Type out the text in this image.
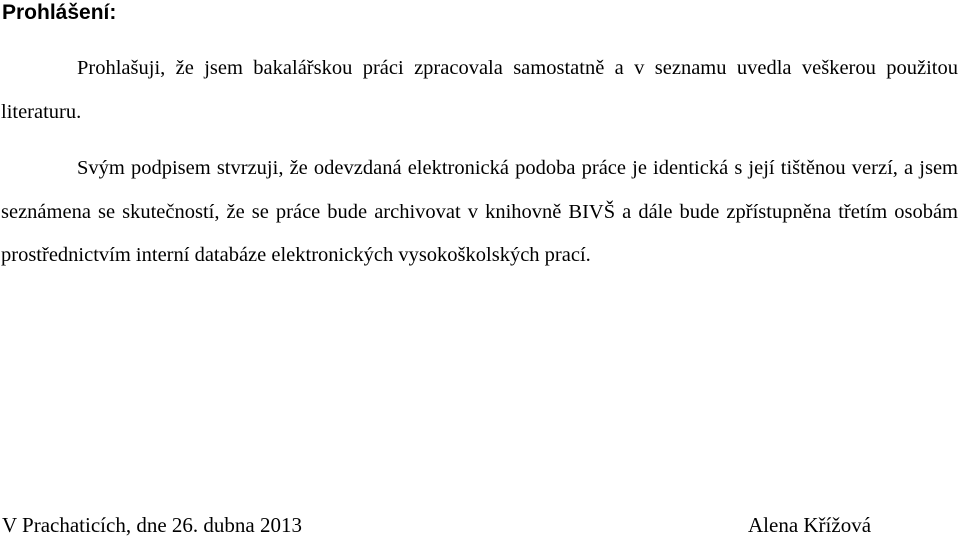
Prohlášení:

Prohlašuji, že jsem bakalářskou práci zpracovala samostatně a v seznamu uvedla veškerou použitou literaturu.

Svým podpisem stvrzuji, že odevzdaná elektronická podoba práce je identická s její tištěnou verzí, a jsem seznámena se skutečností, že se práce bude archivovat v knihovně BIVŠ a dále bude zpřístupněna třetím osobám prostřednictvím interní databáze elektronických vysokoškolských prací.

V Prachaticích, dne 26. dubna 2013	Alena Křížová
